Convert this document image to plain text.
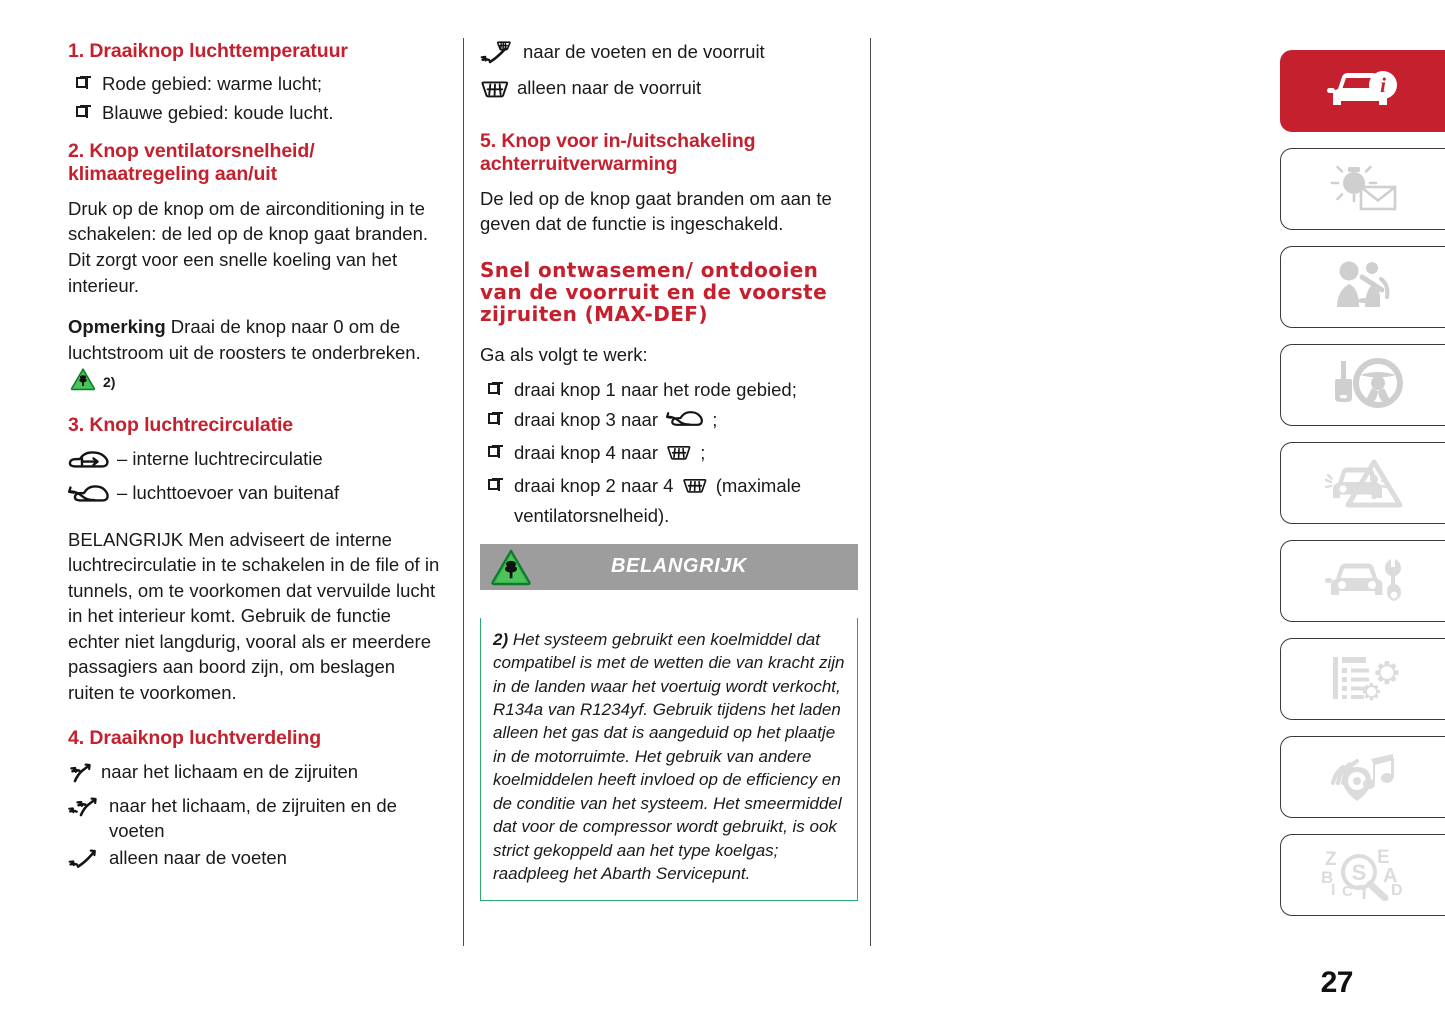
1. Draaiknop luchttemperatuur
Rode gebied: warme lucht;
Blauwe gebied: koude lucht.
2. Knop ventilatorsnelheid/ klimaatregeling aan/uit

Druk op de knop om de airconditioning in te schakelen: de led op de knop gaat branden. Dit zorgt voor een snelle koeling van het interieur.

Opmerking Draai de knop naar 0 om de luchtstroom uit de roosters te onderbreken.

2)
3. Knop luchtrecirculatie
– interne luchtrecirculatie
– luchttoevoer van buitenaf

BELANGRIJK Men adviseert de interne luchtrecirculatie in te schakelen in de file of in tunnels, om te voorkomen dat vervuilde lucht in het interieur komt. Gebruik de functie echter niet langdurig, vooral als er meerdere passagiers aan boord zijn, om beslagen ruiten te voorkomen.

4. Draaiknop luchtverdeling
naar het lichaam en de zijruiten
naar het lichaam, de zijruiten en de voeten
alleen naar de voeten
naar de voeten en de voorruit
alleen naar de voorruit
5. Knop voor in-/uitschakeling achterruitverwarming

De led op de knop gaat branden om aan te geven dat de functie is ingeschakeld.

Snel ontwasemen/ ontdooien van de voorruit en de voorste zijruiten (MAX-DEF)

Ga als volgt te werk:

draai knop 1 naar het rode gebied;
draai knop 3 naar	;
draai knop 4 naar ;
draai knop 2 naar 4 (maximale ventilatorsnelheid).
BELANGRIJK
2) Het systeem gebruikt een koelmiddel dat compatibel is met de wetten die van kracht zijn in de landen waar het voertuig wordt verkocht, R134a van R1234yf. Gebruik tijdens het laden alleen het gas dat is aangeduid op het plaatje in de motorruimte. Het gebruik van andere koelmiddelen heeft invloed op de efficiency en de conditie van het systeem. Het smeermiddel dat voor de compressor wordt gebruikt, is ook strict gekoppeld aan het type koelgas; raadpleeg het Abarth Servicepunt.
i
Z
B
I C T
E
A
D
S
27
